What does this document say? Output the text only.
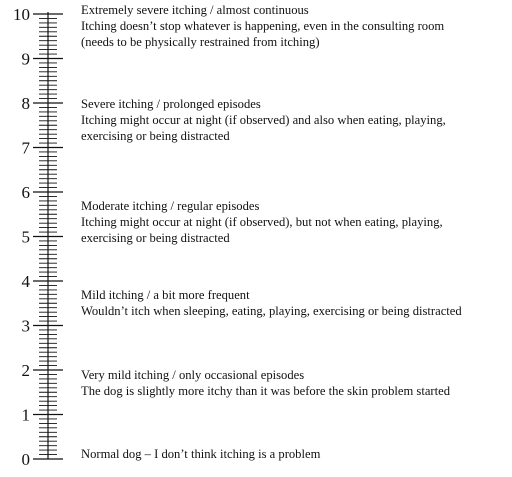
0
1
2
3
4
5
6
7
8
9
10	Extremely severe itching / almost continuous
Itching doesn’t stop whatever is happening, even in the consulting room
(needs to be physically restrained from itching)
Severe itching / prolonged episodes
Itching might occur at night (if observed) and also when eating, playing,
exercising or being distracted
Moderate itching / regular episodes
Itching might occur at night (if observed), but not when eating, playing,
exercising or being distracted
Mild itching / a bit more frequent
Wouldn’t itch when sleeping, eating, playing, exercising or being distracted
Very mild itching / only occasional episodes
The dog is slightly more itchy than it was before the skin problem started
Normal dog – I don’t think itching is a problem
